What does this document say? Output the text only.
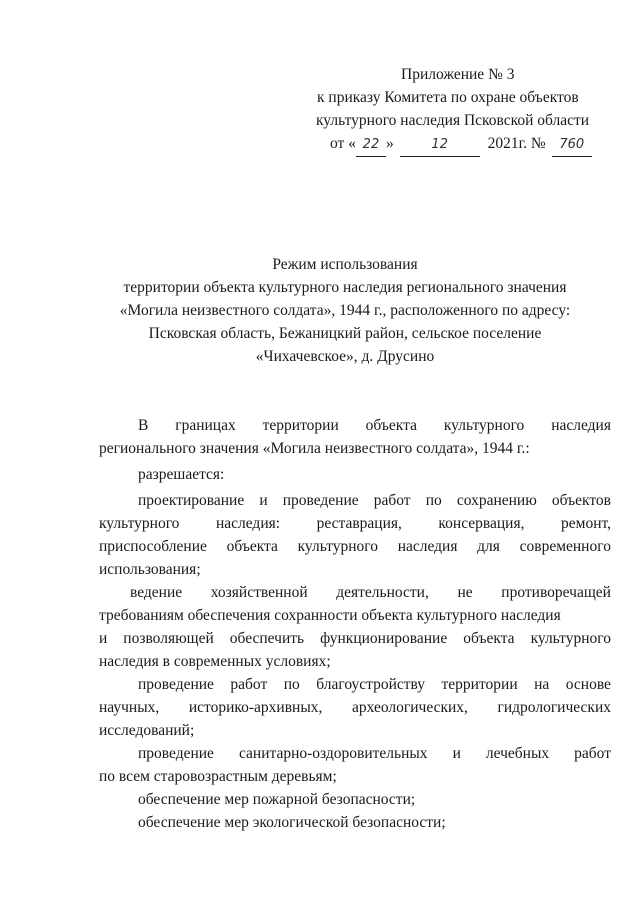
Приложение № 3
к приказу Комитета по охране объектов
культурного наследия Псковской области
от « 22 »	12	2021г. № 760
Режим использования
территории объекта культурного наследия регионального значения
«Могила неизвестного солдата», 1944 г., расположенного по адресу:
Псковская область, Бежаницкий район, сельское поселение
«Чихачевское», д. Друсино
В границах территории объекта культурного наследия
регионального значения «Могила неизвестного солдата», 1944 г.:
разрешается:
проектирование и проведение работ по сохранению объектов
культурного наследия: реставрация, консервация, ремонт,
приспособление объекта культурного наследия для современного
использования;
ведение хозяйственной деятельности, не противоречащей
требованиям обеспечения сохранности объекта культурного наследия
и позволяющей обеспечить функционирование объекта культурного
наследия в современных условиях;
проведение работ по благоустройству территории на основе
научных, историко-архивных, археологических, гидрологических
исследований;
проведение санитарно-оздоровительных и лечебных работ
по всем старовозрастным деревьям;
обеспечение мер пожарной безопасности;
обеспечение мер экологической безопасности;
